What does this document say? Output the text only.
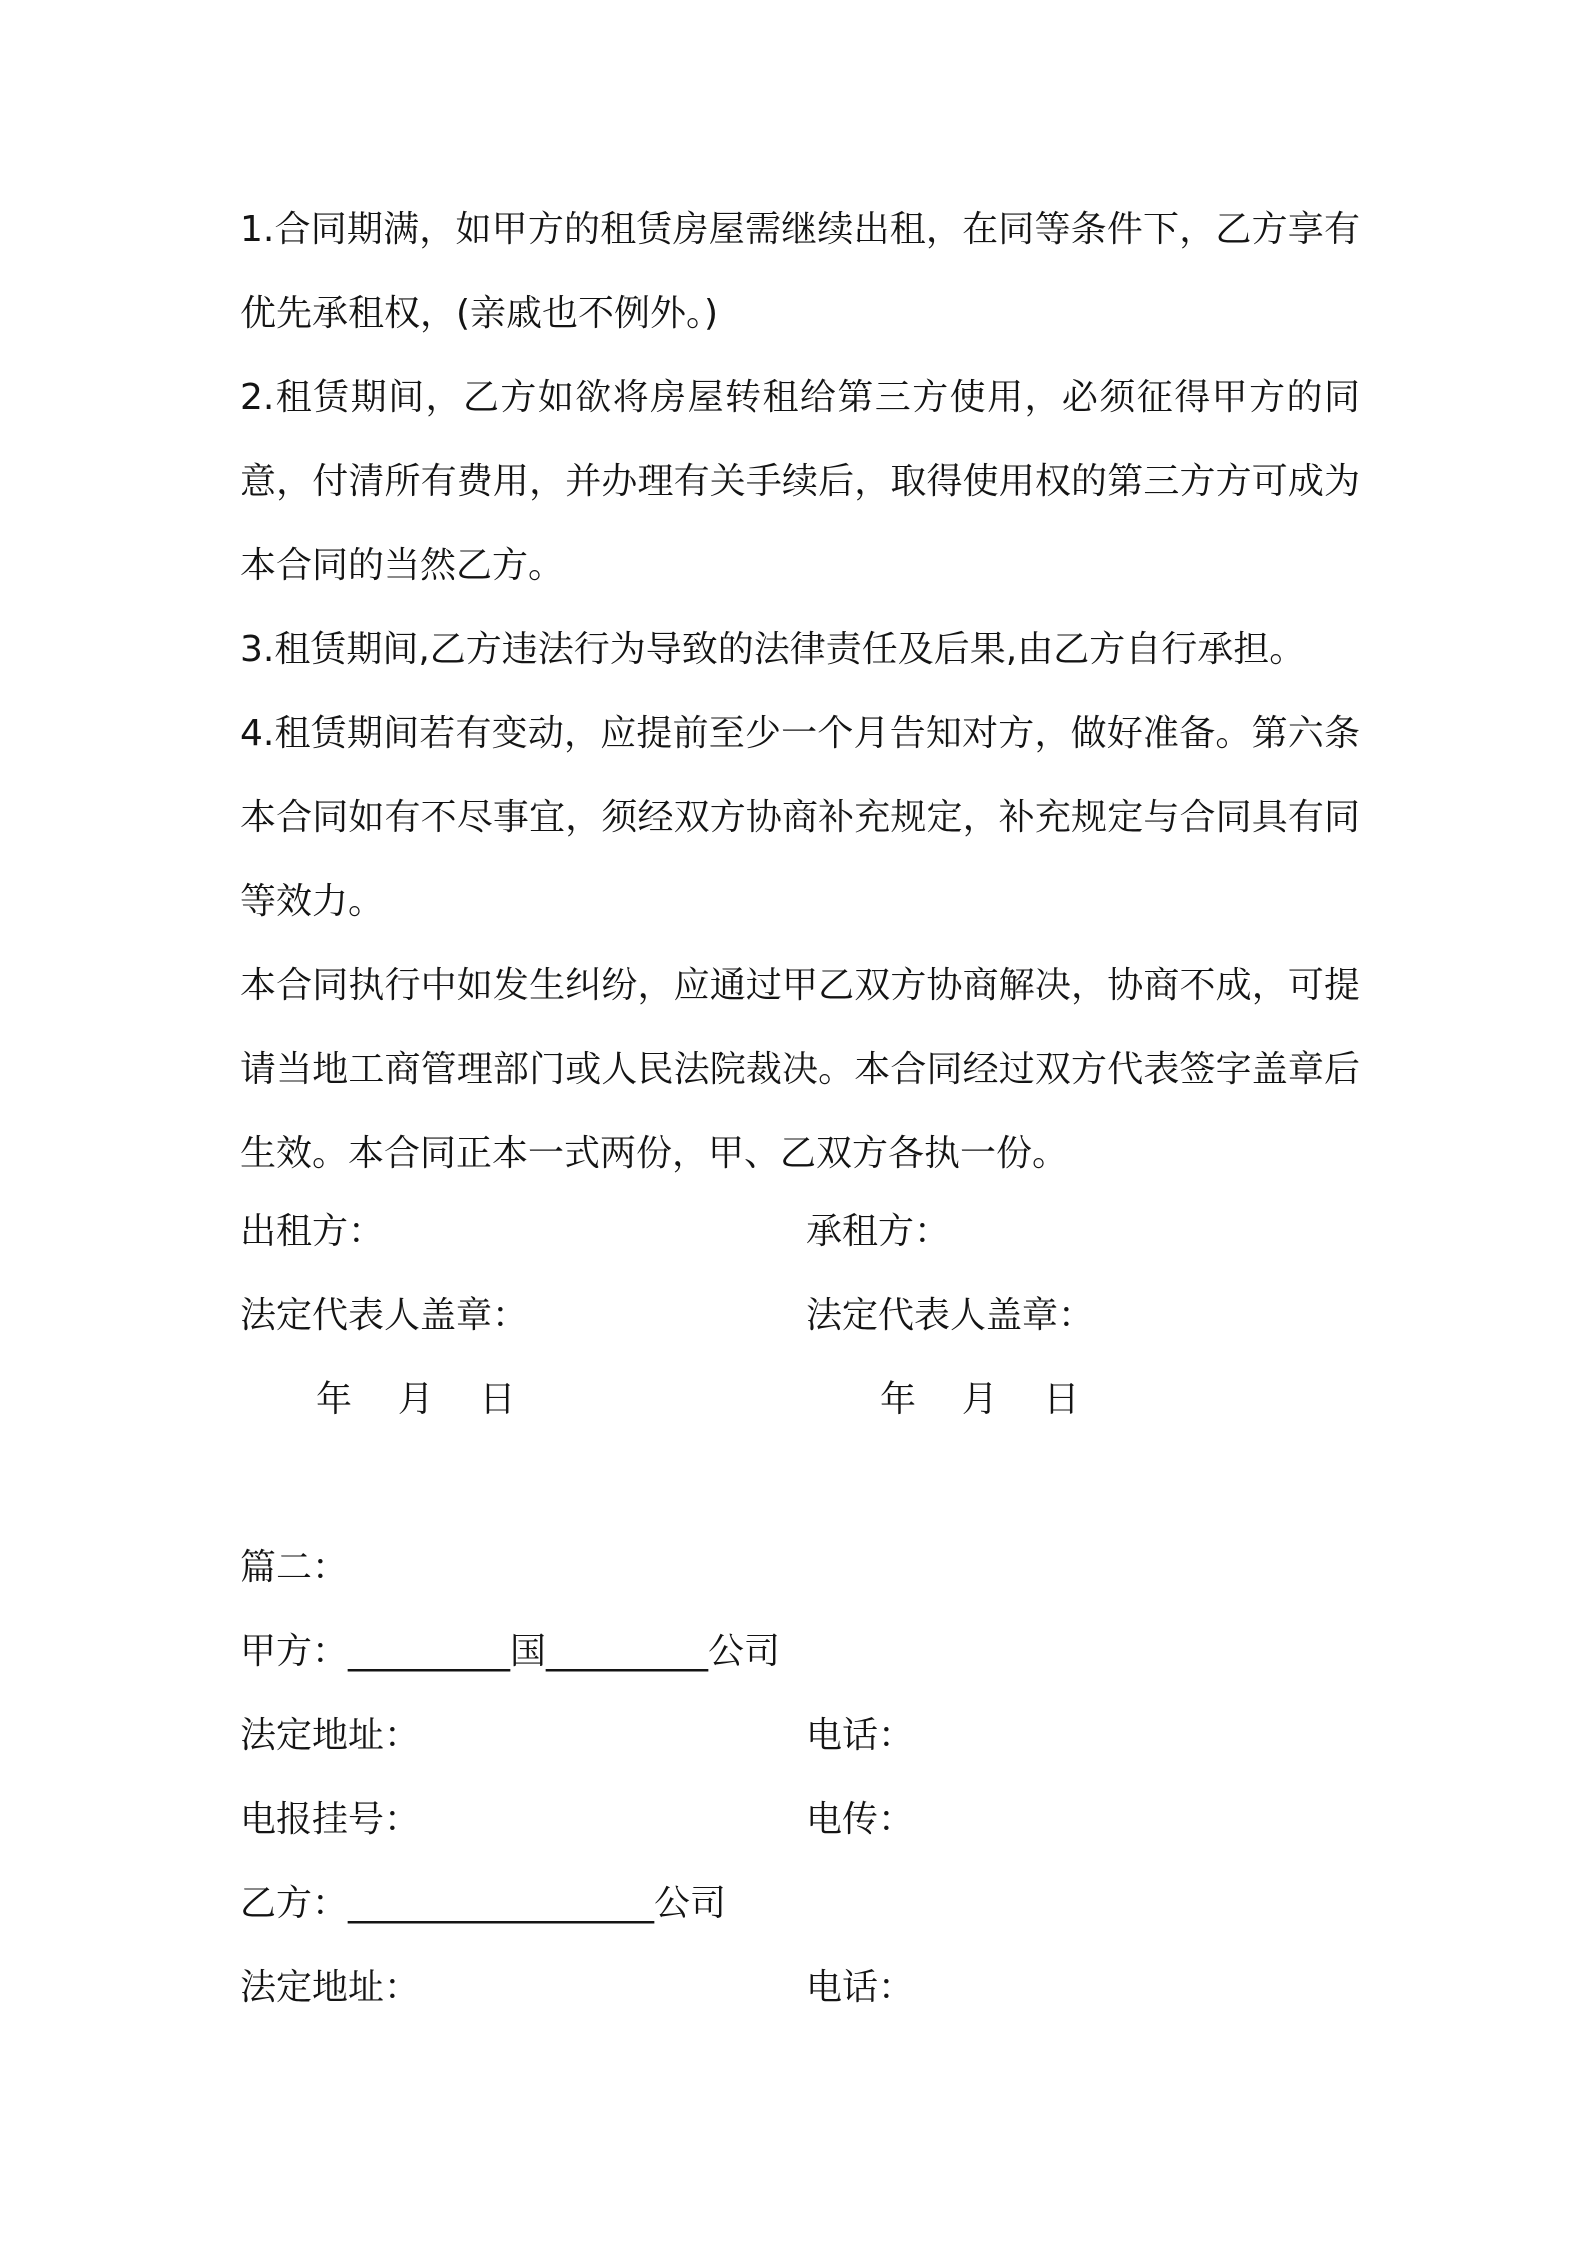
1.合同期满，如甲方的租赁房屋需继续出租，在同等条件下，乙方享有优先承租权，(亲戚也不例外。)

2.租赁期间，乙方如欲将房屋转租给第三方使用，必须征得甲方的同意，付清所有费用，并办理有关手续后，取得使用权的第三方方可成为本合同的当然乙方。

3.租赁期间,乙方违法行为导致的法律责任及后果,由乙方自行承担。

4.租赁期间若有变动，应提前至少一个月告知对方，做好准备。第六条本合同如有不尽事宜，须经双方协商补充规定，补充规定与合同具有同等效力。

本合同执行中如发生纠纷，应通过甲乙双方协商解决，协商不成，可提请当地工商管理部门或人民法院裁决。本合同经过双方代表签字盖章后生效。本合同正本一式两份，甲、乙双方各执一份。

出租方：	承租方：
法定代表人盖章：	法定代表人盖章：
年    月    日	年    月    日
篇二：
甲方：_________国_________公司
法定地址：	电话：
电报挂号：	电传：
乙方：_________________公司
法定地址：	电话：
